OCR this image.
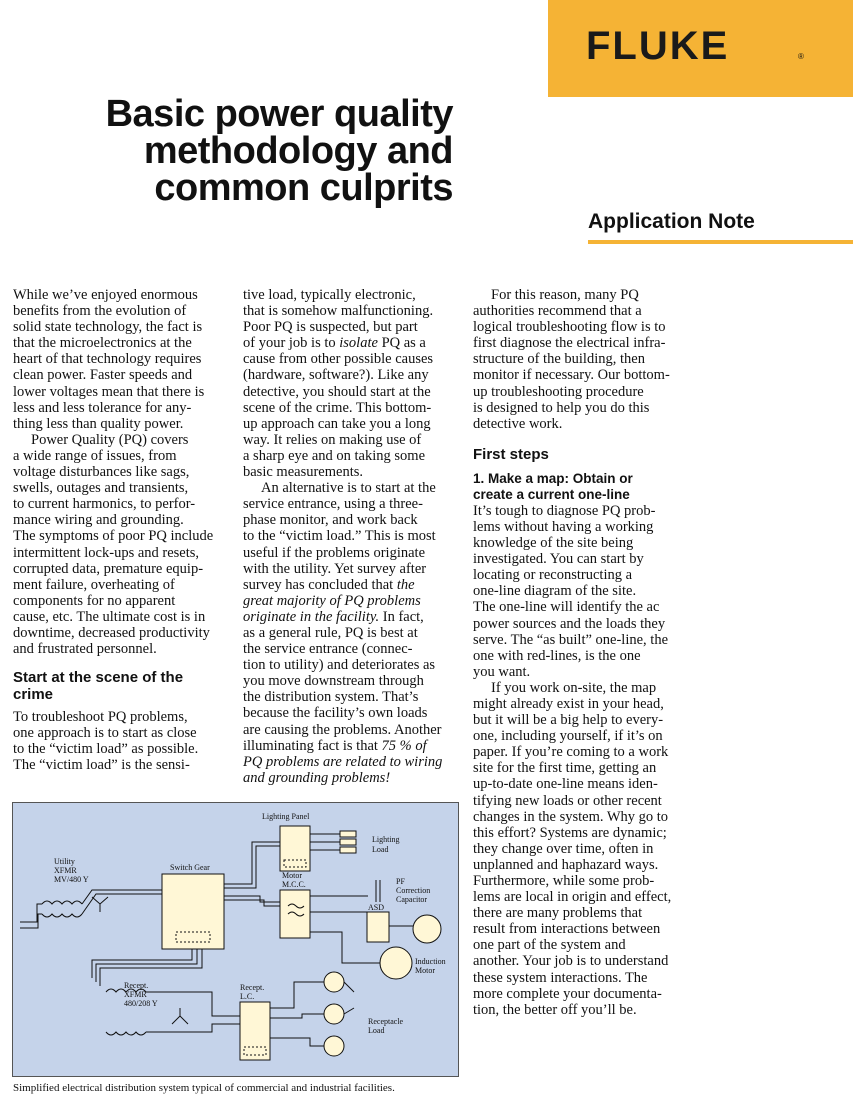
FLUKE	®
Basic power quality
methodology and
common culprits
Application Note

While we’ve enjoyed enormous
benefits from the evolution of
solid state technology, the fact is
that the microelectronics at the
heart of that technology requires
clean power. Faster speeds and
lower voltages mean that there is
less and less tolerance for any-
thing less than quality power.

Power Quality (PQ) covers
a wide range of issues, from
voltage disturbances like sags,
swells, outages and transients,
to current harmonics, to perfor-
mance wiring and grounding.
The symptoms of poor PQ include
intermittent lock-ups and resets,
corrupted data, premature equip-
ment failure, overheating of
components for no apparent
cause, etc. The ultimate cost is in
downtime, decreased productivity
and frustrated personnel.

Start at the scene of the
crime

To troubleshoot PQ problems,
one approach is to start as close
to the “victim load” as possible.
The “victim load” is the sensi-

tive load, typically electronic,
that is somehow malfunctioning.
Poor PQ is suspected, but part
of your job is to isolate PQ as a
cause from other possible causes
(hardware, software?). Like any
detective, you should start at the
scene of the crime. This bottom-
up approach can take you a long
way. It relies on making use of
a sharp eye and on taking some
basic measurements.

An alternative is to start at the
service entrance, using a three-
phase monitor, and work back
to the “victim load.” This is most
useful if the problems originate
with the utility. Yet survey after
survey has concluded that the
great majority of PQ problems
originate in the facility. In fact,
as a general rule, PQ is best at
the service entrance (connec-
tion to utility) and deteriorates as
you move downstream through
the distribution system. That’s
because the facility’s own loads
are causing the problems. Another
illuminating fact is that 75 % of
PQ problems are related to wiring
and grounding problems!

For this reason, many PQ
authorities recommend that a
logical troubleshooting flow is to
first diagnose the electrical infra-
structure of the building, then
monitor if necessary. Our bottom-
up troubleshooting procedure
is designed to help you do this
detective work.

First steps
1. Make a map: Obtain or
create a current one-line

It’s tough to diagnose PQ prob-
lems without having a working
knowledge of the site being
investigated. You can start by
locating or reconstructing a
one-line diagram of the site.
The one-line will identify the ac
power sources and the loads they
serve. The “as built” one-line, the
one with red-lines, is the one
you want.

If you work on-site, the map
might already exist in your head,
but it will be a big help to every-
one, including yourself, if it’s on
paper. If you’re coming to a work
site for the first time, getting an
up-to-date one-line means iden-
tifying new loads or other recent
changes in the system. Why go to
this effort? Systems are dynamic;
they change over time, often in
unplanned and haphazard ways.
Furthermore, while some prob-
lems are local in origin and effect,
there are many problems that
result from interactions between
one part of the system and
another. Your job is to understand
these system interactions. The
more complete your documenta-
tion, the better off you’ll be.

Lighting Panel
Lighting
Load
Utility
XFMR
MV/480 Y
Switch Gear
Motor
M.C.C.	PF
Correction
Capacitor
ASD
Induction
Motor
Recept.
XFMR
480/208 Y
Recept.
L.C.
Receptacle
Load
Simplified electrical distribution system typical of commercial and industrial facilities.
